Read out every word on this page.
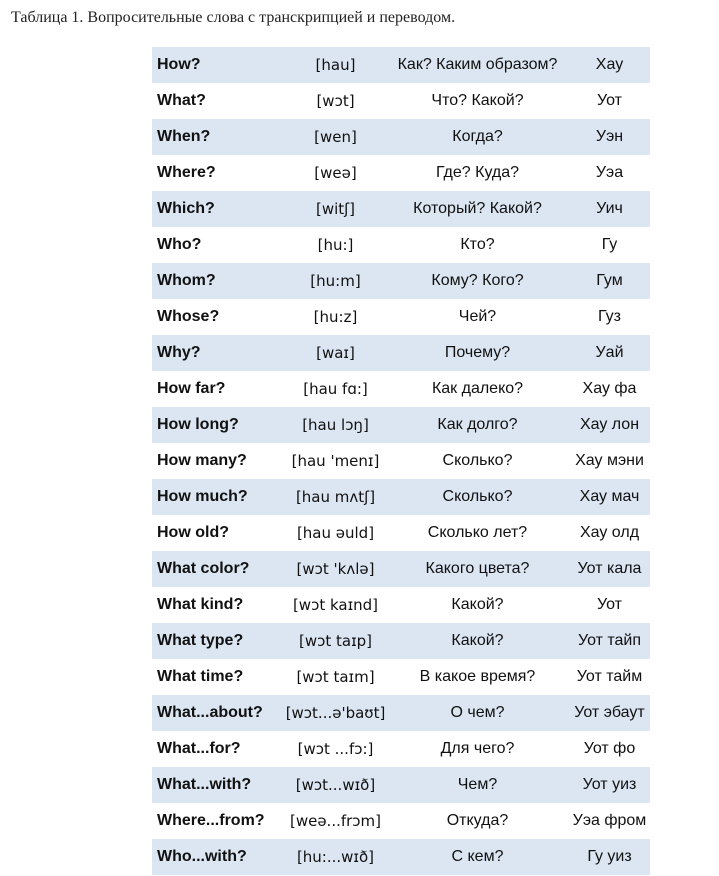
Таблица 1. Вопросительные слова с транскрипцией и переводом.
How?	[hau]	Как? Каким образом?	Хау
What?	[wɔt]	Что? Какой?	Уот
When?	[wen]	Когда?	Уэн
Where?	[weə]	Где? Куда?	Уэа
Which?	[witʃ]	Который? Какой?	Уич
Who?	[hu:]	Кто?	Гу
Whom?	[hu:m]	Кому? Кого?	Гум
Whose?	[hu:z]	Чей?	Гуз
Why?	[waɪ]	Почему?	Уай
How far?	[hau fɑ:]	Как далеко?	Хау фа
How long?	[hau lɔŋ]	Как долго?	Хау лон
How many?	[hau 'menɪ]	Сколько?	Хау мэни
How much?	[hau mʌtʃ]	Сколько?	Хау мач
How old?	[hau əuld]	Сколько лет?	Хау олд
What color?	[wɔt 'kʌlə]	Какого цвета?	Уот кала
What kind?	[wɔt kaɪnd]	Какой?	Уот
What type?	[wɔt taɪp]	Какой?	Уот тайп
What time?	[wɔt taɪm]	В какое время?	Уот тайм
What...about?	[wɔt...ə'baʊt]	О чем?	Уот эбаут
What...for?	[wɔt ...fɔ:]	Для чего?	Уот фо
What...with?	[wɔt...wɪð]	Чем?	Уот уиз
Where...from?	[weə...frɔm]	Откуда?	Уэа фром
Who...with?	[hu:...wɪð]	С кем?	Гу уиз
